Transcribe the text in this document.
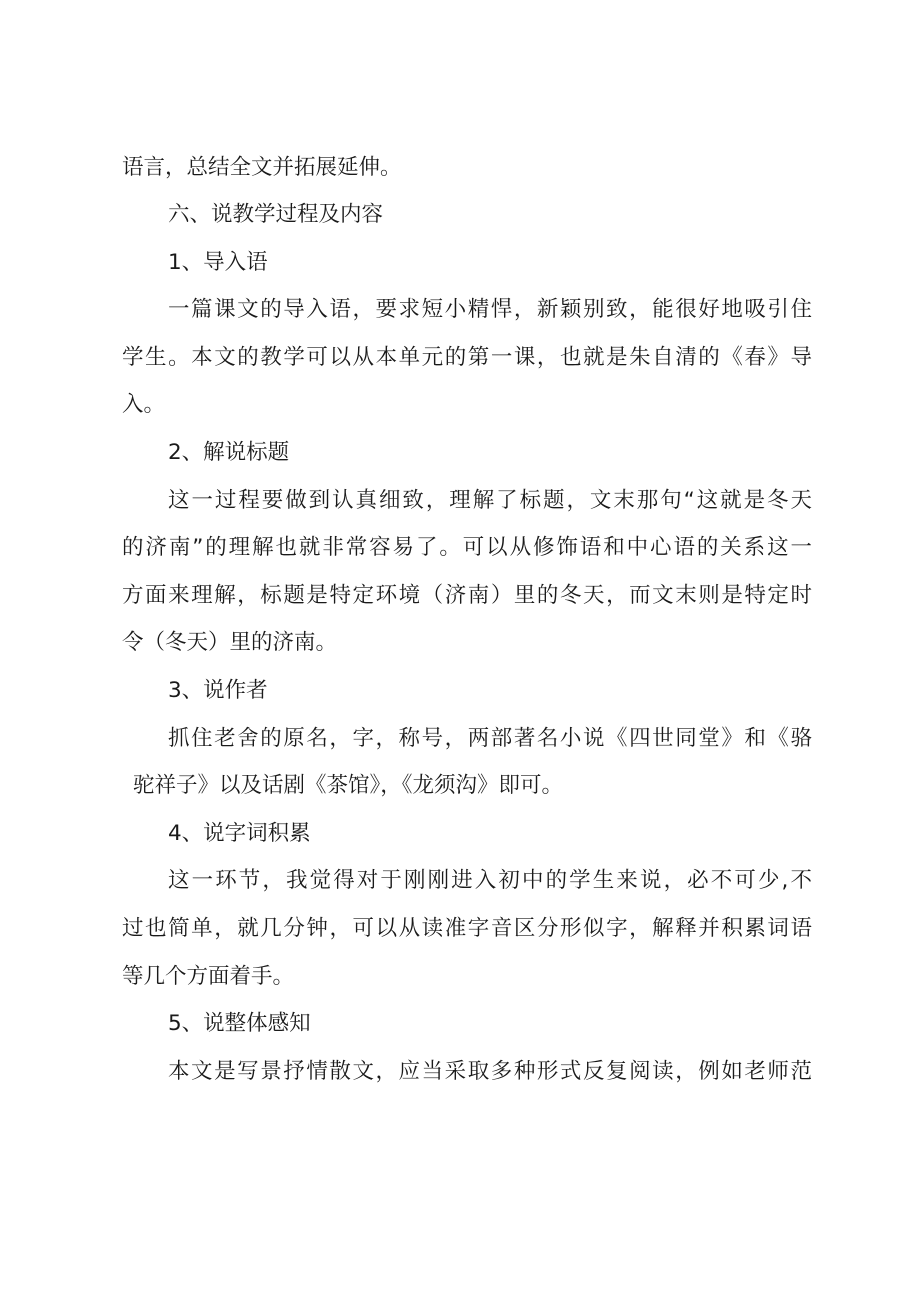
语言，总结全文并拓展延伸。
六、说教学过程及内容
1、导入语
一篇课文的导入语，要求短小精悍，新颖别致，能很好地吸引住
学生。本文的教学可以从本单元的第一课，也就是朱自清的《春》导
入。
2、解说标题
这一过程要做到认真细致，理解了标题，文末那句“这就是冬天
的济南”的理解也就非常容易了。可以从修饰语和中心语的关系这一
方面来理解，标题是特定环境（济南）里的冬天，而文末则是特定时
令（冬天）里的济南。
3、说作者
抓住老舍的原名，字，称号，两部著名小说《四世同堂》和《骆
驼祥子》以及话剧《茶馆》，《龙须沟》即可。
4、说字词积累
这一环节，我觉得对于刚刚进入初中的学生来说，必不可少,不
过也简单，就几分钟，可以从读准字音区分形似字，解释并积累词语
等几个方面着手。
5、说整体感知
本文是写景抒情散文，应当采取多种形式反复阅读，例如老师范
